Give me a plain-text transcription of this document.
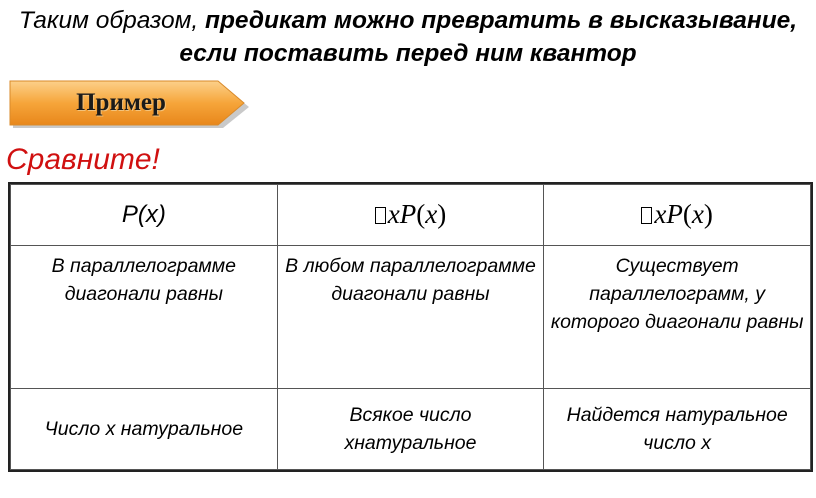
Таким образом, предикат можно превратить в высказывание, если поставить перед ним квантор
Пример
Сравните!
P(x)	xP(x)	xP(x)
В параллелограмме диагонали равны	В любом параллелограмме диагонали равны	Существует параллелограмм, у которого диагонали равны
Число х натуральное	Всякое число хнатуральное	Найдется натуральное число х
